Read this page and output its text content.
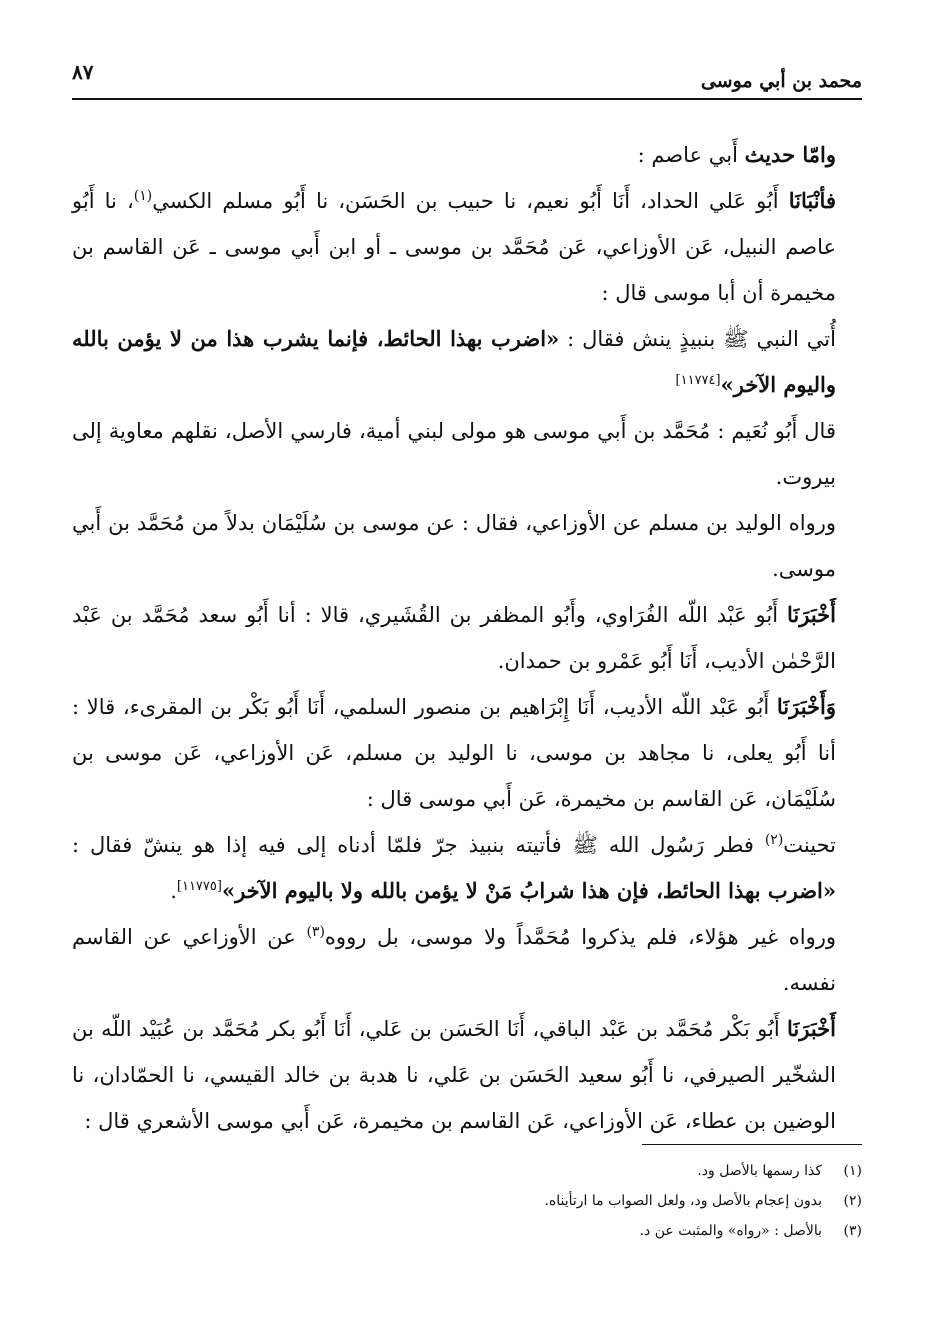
محمد بن أبي موسى
٨٧

وامّا حديث أَبي عاصم :

فأنْبَانَا أَبُو عَلي الحداد، أَنَا أَبُو نعيم، نا حبيب بن الحَسَن، نا أَبُو مسلم الكسي$^{(١)}$، نا أَبُو عاصم النبيل، عَن الأوزاعي، عَن مُحَمَّد بن موسى ـ أو ابن أَبي موسى ـ عَن القاسم بن مخيمرة أن أبا موسى قال :

أُتي النبي ﷺ بنبيذٍ ينش فقال : «اضرب بهذا الحائط، فإنما يشرب هذا من لا يؤمن بالله واليوم الآخر»[١١٧٧٤]

قال أَبُو نُعَيم : مُحَمَّد بن أَبي موسى هو مولى لبني أمية، فارسي الأصل، نقلهم معاوية إلى بيروت.

ورواه الوليد بن مسلم عن الأوزاعي، فقال : عن موسى بن سُلَيْمَان بدلاً من مُحَمَّد بن أَبي موسى.

أَخْبَرَنَا أَبُو عَبْد اللّه الفُرَاوي، وأَبُو المظفر بن القُشَيري، قالا : أنا أَبُو سعد مُحَمَّد بن عَبْد الرَّحْمٰن الأديب، أَنَا أَبُو عَمْرو بن حمدان.

وَأَخْبَرَنَا أَبُو عَبْد اللّه الأديب، أَنَا إِبْرَاهيم بن منصور السلمي، أَنَا أَبُو بَكْر بن المقرىء، قالا : أنا أَبُو يعلى، نا مجاهد بن موسى، نا الوليد بن مسلم، عَن الأوزاعي، عَن موسى بن سُلَيْمَان، عَن القاسم بن مخيمرة، عَن أَبي موسى قال :

تحينت$^{(٢)}$ فطر رَسُول الله ﷺ فأتيته بنبيذ جرّ فلمّا أدناه إلى فيه إذا هو ينشّ فقال : «اضرب بهذا الحائط، فإن هذا شرابُ مَنْ لا يؤمن بالله ولا باليوم الآخر»[١١٧٧٥].

ورواه غير هؤلاء، فلم يذكروا مُحَمَّداً ولا موسى، بل رووه$^{(٣)}$ عن الأوزاعي عن القاسم نفسه.

أَخْبَرَنَا أَبُو بَكْر مُحَمَّد بن عَبْد الباقي، أَنَا الحَسَن بن عَلي، أَنَا أَبُو بكر مُحَمَّد بن عُبَيْد اللّه بن الشخّير الصيرفي، نا أَبُو سعيد الحَسَن بن عَلي، نا هدبة بن خالد القيسي، نا الحمّادان، نا الوضين بن عطاء، عَن الأوزاعي، عَن القاسم بن مخيمرة، عَن أَبي موسى الأشعري قال :

(١)كذا رسمها بالأصل ود.

(٢)بدون إعجام بالأصل ود، ولعل الصواب ما ارتأيناه.

(٣)بالأصل : «رواه» والمثبت عن د.
